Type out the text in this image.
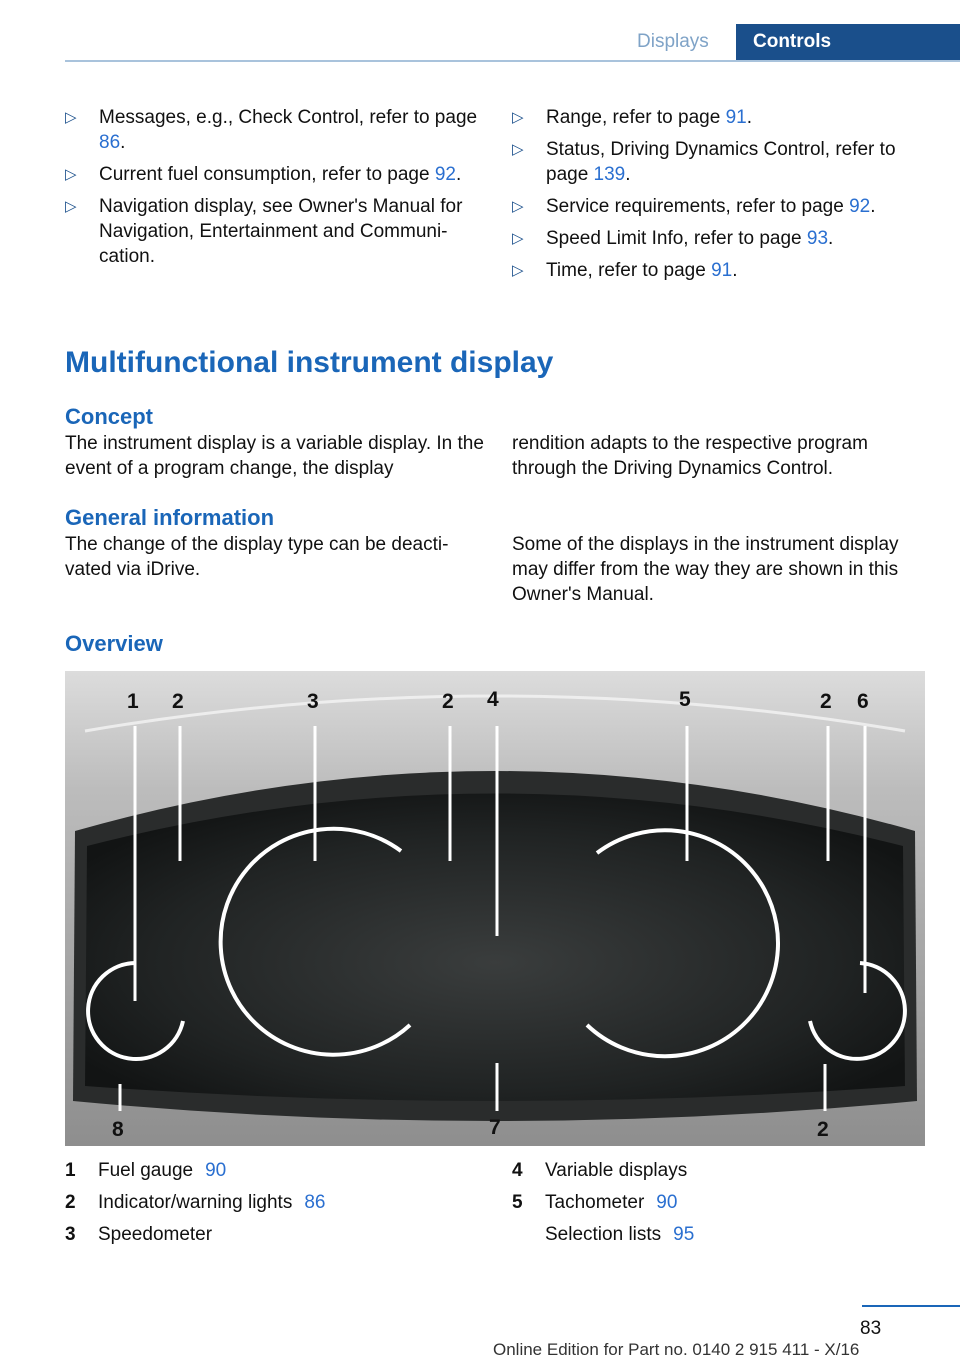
Displays	Controls
▷ Messages, e.g., Check Control, refer to page 86.
▷ Current fuel consumption, refer to page 92.
▷ Navigation display, see Owner's Manual for Navigation, Entertainment and Communi-cation.
▷ Range, refer to page 91.
▷ Status, Driving Dynamics Control, refer to page 139.
▷ Service requirements, refer to page 92.
▷ Speed Limit Info, refer to page 93.
▷ Time, refer to page 91.
Multifunctional instrument display
Concept

The instrument display is a variable display. In the event of a program change, the display

rendition adapts to the respective program through the Driving Dynamics Control.

General information

The change of the display type can be deacti-vated via iDrive.

Some of the displays in the instrument display may differ from the way they are shown in this Owner's Manual.

Overview
1 2	3	2 4	5	2 6
8	7	2
1 Fuel gauge 90
2 Indicator/warning lights 86
3 Speedometer
4 Variable displays
5 Tachometer 90
Selection lists 95
83
Online Edition for Part no. 0140 2 915 411 - X/16
